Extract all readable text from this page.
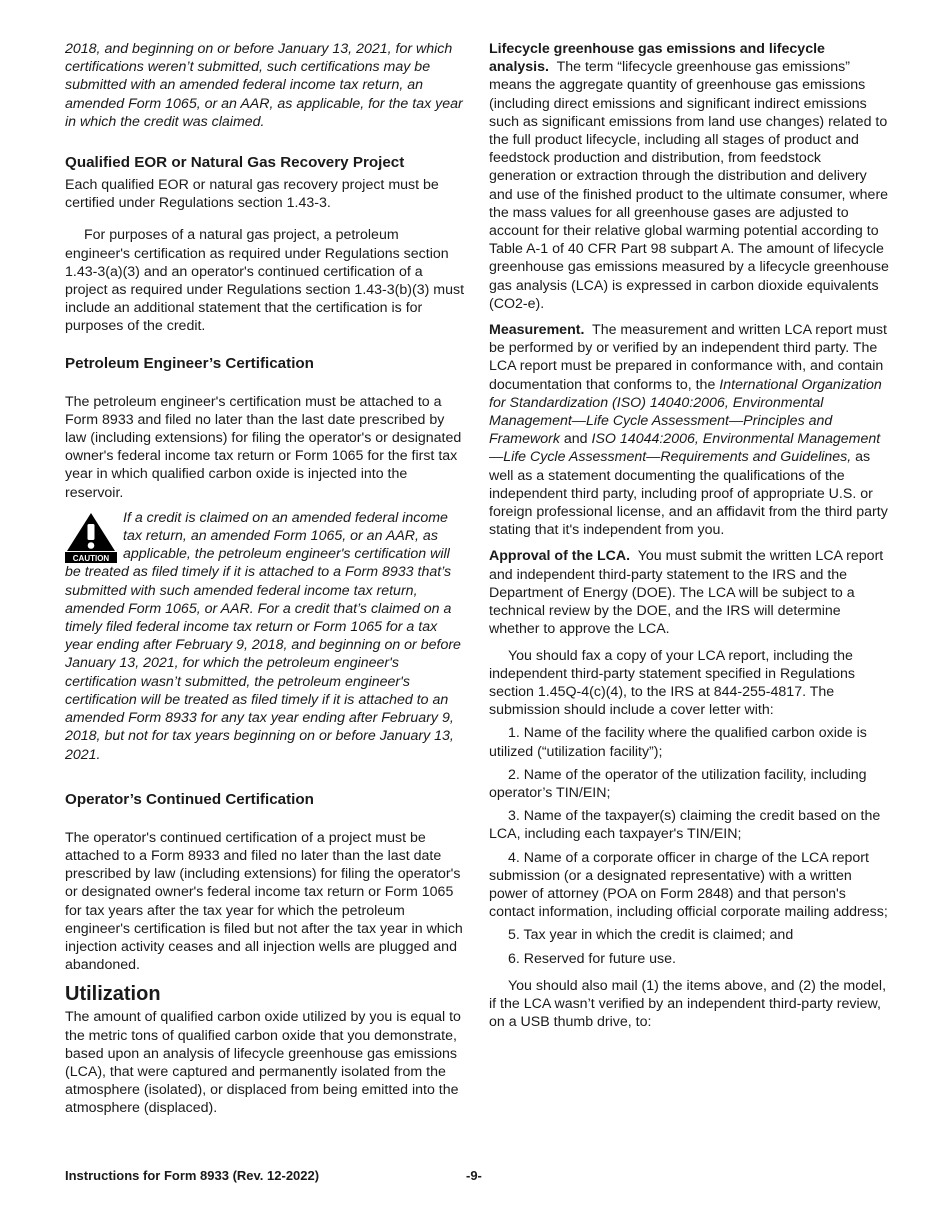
2018, and beginning on or before January 13, 2021, for which certifications weren’t submitted, such certifications may be submitted with an amended federal income tax return, an amended Form 1065, or an AAR, as applicable, for the tax year in which the credit was claimed.

Qualified EOR or Natural Gas Recovery Project

Each qualified EOR or natural gas recovery project must be certified under Regulations section 1.43-3.

For purposes of a natural gas project, a petroleum engineer's certification as required under Regulations section 1.43-3(a)(3) and an operator's continued certification of a project as required under Regulations section 1.43-3(b)(3) must include an additional statement that the certification is for purposes of the credit.

Petroleum Engineer’s Certification

The petroleum engineer's certification must be attached to a Form 8933 and filed no later than the last date prescribed by law (including extensions) for filing the operator's or designated owner's federal income tax return or Form 1065 for the first tax year in which qualified carbon oxide is injected into the reservoir.

CAUTION

If a credit is claimed on an amended federal income tax return, an amended Form 1065, or an AAR, as applicable, the petroleum engineer's certification will be treated as filed timely if it is attached to a Form 8933 that’s submitted with such amended federal income tax return, amended Form 1065, or AAR. For a credit that’s claimed on a timely filed federal income tax return or Form 1065 for a tax year ending after February 9, 2018, and beginning on or before January 13, 2021, for which the petroleum engineer's certification wasn’t submitted, the petroleum engineer's certification will be treated as filed timely if it is attached to an amended Form 8933 for any tax year ending after February 9, 2018, but not for tax years beginning on or before January 13, 2021.

Operator’s Continued Certification

The operator's continued certification of a project must be attached to a Form 8933 and filed no later than the last date prescribed by law (including extensions) for filing the operator's or designated owner's federal income tax return or Form 1065 for tax years after the tax year for which the petroleum engineer's certification is filed but not after the tax year in which injection activity ceases and all injection wells are plugged and abandoned.

Utilization

The amount of qualified carbon oxide utilized by you is equal to the metric tons of qualified carbon oxide that you demonstrate, based upon an analysis of lifecycle greenhouse gas emissions (LCA), that were captured and permanently isolated from the atmosphere (isolated), or displaced from being emitted into the atmosphere (displaced).

Lifecycle greenhouse gas emissions and lifecycle analysis. The term “lifecycle greenhouse gas emissions” means the aggregate quantity of greenhouse gas emissions (including direct emissions and significant indirect emissions such as significant emissions from land use changes) related to the full product lifecycle, including all stages of product and feedstock production and distribution, from feedstock generation or extraction through the distribution and delivery and use of the finished product to the ultimate consumer, where the mass values for all greenhouse gases are adjusted to account for their relative global warming potential according to Table A-1 of 40 CFR Part 98 subpart A. The amount of lifecycle greenhouse gas emissions measured by a lifecycle greenhouse gas analysis (LCA) is expressed in carbon dioxide equivalents (CO2-e).

Measurement. The measurement and written LCA report must be performed by or verified by an independent third party. The LCA report must be prepared in conformance with, and contain documentation that conforms to, the International Organization for Standardization (ISO) 14040:2006, Environmental Management—Life Cycle Assessment—Principles and Framework and ISO 14044:2006, Environmental Management—Life Cycle Assessment—Requirements and Guidelines, as well as a statement documenting the qualifications of the independent third party, including proof of appropriate U.S. or foreign professional license, and an affidavit from the third party stating that it's independent from you.

Approval of the LCA. You must submit the written LCA report and independent third-party statement to the IRS and the Department of Energy (DOE). The LCA will be subject to a technical review by the DOE, and the IRS will determine whether to approve the LCA.

You should fax a copy of your LCA report, including the independent third-party statement specified in Regulations section 1.45Q-4(c)(4), to the IRS at 844-255-4817. The submission should include a cover letter with:

1. Name of the facility where the qualified carbon oxide is utilized (“utilization facility”);

2. Name of the operator of the utilization facility, including operator’s TIN/EIN;

3. Name of the taxpayer(s) claiming the credit based on the LCA, including each taxpayer's TIN/EIN;

4. Name of a corporate officer in charge of the LCA report submission (or a designated representative) with a written power of attorney (POA on Form 2848) and that person's contact information, including official corporate mailing address;

5. Tax year in which the credit is claimed; and

6. Reserved for future use.

You should also mail (1) the items above, and (2) the model, if the LCA wasn’t verified by an independent third-party review, on a USB thumb drive, to:

Instructions for Form 8933 (Rev. 12-2022)	-9-
